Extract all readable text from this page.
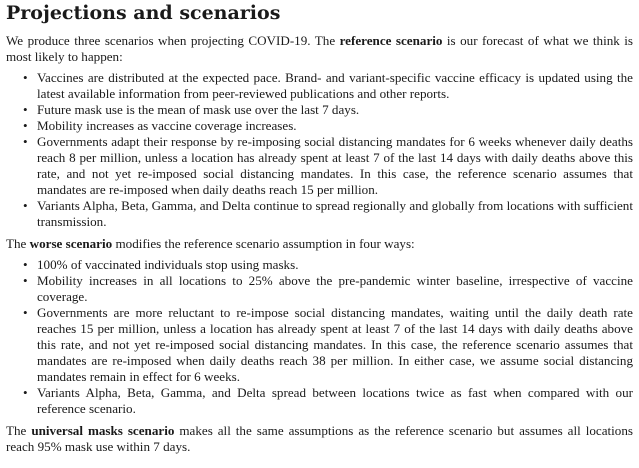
Projections and scenarios

We produce three scenarios when projecting COVID-19. The reference scenario is our forecast of what we think is most likely to happen:

• Vaccines are distributed at the expected pace. Brand- and variant-specific vaccine efficacy is updated using the latest available information from peer-reviewed publications and other reports.
• Future mask use is the mean of mask use over the last 7 days.
• Mobility increases as vaccine coverage increases.
• Governments adapt their response by re-imposing social distancing mandates for 6 weeks whenever daily deaths reach 8 per million, unless a location has already spent at least 7 of the last 14 days with daily deaths above this rate, and not yet re-imposed social distancing mandates. In this case, the reference scenario assumes that mandates are re-imposed when daily deaths reach 15 per million.
• Variants Alpha, Beta, Gamma, and Delta continue to spread regionally and globally from locations with sufficient transmission.

The worse scenario modifies the reference scenario assumption in four ways:

• 100% of vaccinated individuals stop using masks.
• Mobility increases in all locations to 25% above the pre-pandemic winter baseline, irrespective of vaccine coverage.
• Governments are more reluctant to re-impose social distancing mandates, waiting until the daily death rate reaches 15 per million, unless a location has already spent at least 7 of the last 14 days with daily deaths above this rate, and not yet re-imposed social distancing mandates. In this case, the reference scenario assumes that mandates are re-imposed when daily deaths reach 38 per million. In either case, we assume social distancing mandates remain in effect for 6 weeks.
• Variants Alpha, Beta, Gamma, and Delta spread between locations twice as fast when compared with our reference scenario.

The universal masks scenario makes all the same assumptions as the reference scenario but assumes all locations reach 95% mask use within 7 days.
